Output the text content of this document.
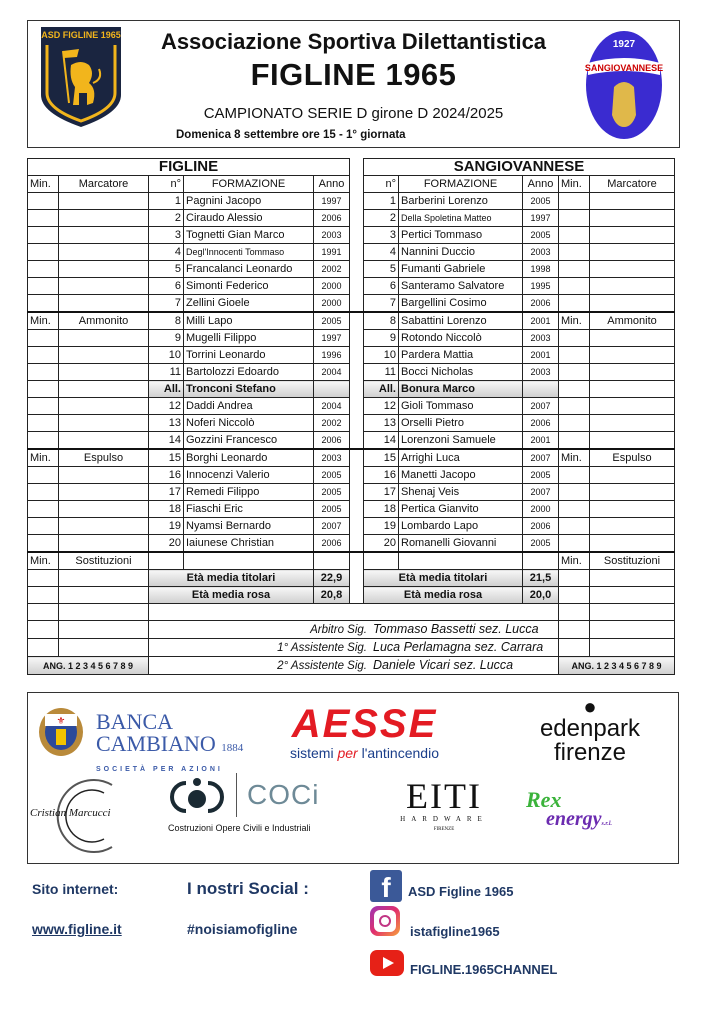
ASD FIGLINE 1965	Associazione Sportiva Dilettantistica
FIGLINE 1965
CAMPIONATO SERIE D girone D 2024/2025
Domenica 8 settembre ore 15 - 1° giornata
1927
SANGIOVANNESE
FIGLINE						SANGIOVANNESE				
Min.	Marcatore	n°	FORMAZIONE	Anno		n°	FORMAZIONE	Anno	Min.	Marcatore
		1	Pagnini Jacopo	1997		1	Barberini Lorenzo	2005		
		2	Ciraudo Alessio	2006		2	Della Spoletina Matteo	1997		
		3	Tognetti Gian Marco	2003		3	Pertici Tommaso	2005		
		4	Degl'Innocenti Tommaso	1991		4	Nannini Duccio	2003		
		5	Francalanci Leonardo	2002		5	Fumanti Gabriele	1998		
		6	Simonti Federico	2000		6	Santeramo Salvatore	1995		
		7	Zellini Gioele	2000		7	Bargellini Cosimo	2006		
Min.	Ammonito	8	Milli Lapo	2005		8	Sabattini Lorenzo	2001	Min.	Ammonito
		9	Mugelli Filippo	1997		9	Rotondo Niccolò	2003		
		10	Torrini Leonardo	1996		10	Pardera Mattia	2001		
		11	Bartolozzi Edoardo	2004		11	Bocci Nicholas	2003		
		All.	Tronconi Stefano			All.	Bonura Marco			
		12	Daddi Andrea	2004		12	Gioli Tommaso	2007		
		13	Noferi Niccolò	2002		13	Orselli Pietro	2006		
		14	Gozzini Francesco	2006		14	Lorenzoni Samuele	2001		
Min.	Espulso	15	Borghi Leonardo	2003		15	Arrighi Luca	2007	Min.	Espulso
		16	Innocenzi Valerio	2005		16	Manetti Jacopo	2005		
		17	Remedi Filippo	2005		17	Shenaj Veis	2007		
		18	Fiaschi Eric	2005		18	Pertica Gianvito	2000		
		19	Nyamsi Bernardo	2007		19	Lombardo Lapo	2006		
		20	Iaiunese Christian	2006		20	Romanelli Giovanni	2005		
Min.	Sostituzioni								Min.	Sostituzioni
		Età media titolari		22,9		Età media titolari		21,5		
		Età media rosa		20,8		Età media rosa		20,0		

		Arbitro Sig. Tommaso Bassetti sez. Lucca								
		1° Assistente Sig. Luca Perlamagna sez. Carrara								
ANG. 1 2 3 4 5 6 7 8 9		2° Assistente Sig. Daniele Vicari sez. Lucca							ANG. 1 2 3 4 5 6 7 8 9	
⚜ BANCA
CAMBIANO 1884
SOCIETÀ PER AZIONI
AESSE
sistemi per l'antincendio
●
edenpark
firenze
Cristian Marcucci
COCi
Costruzioni Opere Civili e Industriali
EITI
HARDWARE
FIRENZE
Rex
energys.r.l.
Sito internet:
www.figline.it
I nostri Social :
#noisiamofigline
f	ASD Figline 1965
istafigline1965
FIGLINE.1965CHANNEL
